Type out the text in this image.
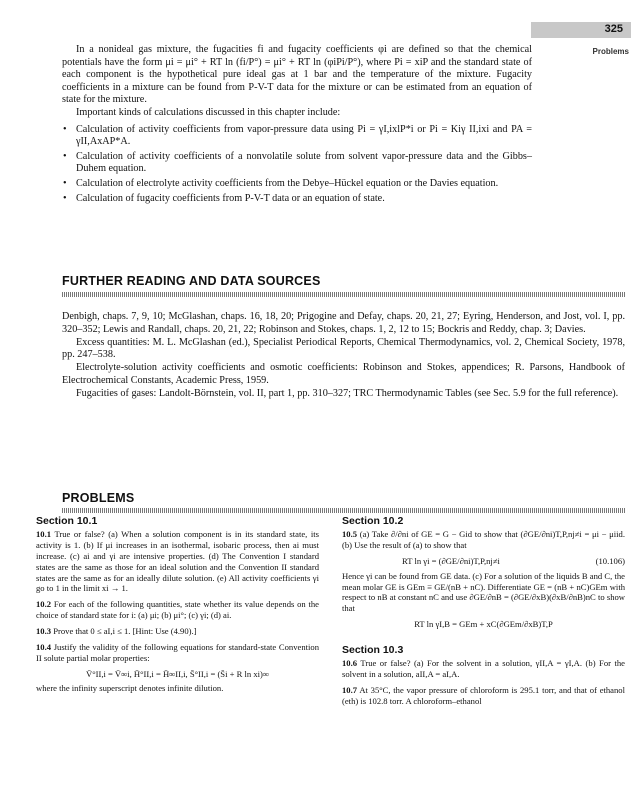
325
Problems

In a nonideal gas mixture, the fugacities fi and fugacity coefficients φi are defined so that the chemical potentials have the form μi = μi° + RT ln (fi/P°) = μi° + RT ln (φiPi/P°), where Pi = xiP and the standard state of each component is the hypothetical pure ideal gas at 1 bar and the temperature of the mixture. Fugacity coefficients in a mixture can be found from P-V-T data for the mixture or can be estimated from an equation of state for the mixture.

Important kinds of calculations discussed in this chapter include:

• Calculation of activity coefficients from vapor-pressure data using Pi = γI,ixlP*i or Pi = Kiγ II,ixi and PA = γII,AxAP*A.
• Calculation of activity coefficients of a nonvolatile solute from solvent vapor-pressure data and the Gibbs–Duhem equation.
• Calculation of electrolyte activity coefficients from the Debye–Hückel equation or the Davies equation.
• Calculation of fugacity coefficients from P-V-T data or an equation of state.
FURTHER READING AND DATA SOURCES

Denbigh, chaps. 7, 9, 10; McGlashan, chaps. 16, 18, 20; Prigogine and Defay, chaps. 20, 21, 27; Eyring, Henderson, and Jost, vol. I, pp. 320–352; Lewis and Randall, chaps. 20, 21, 22; Robinson and Stokes, chaps. 1, 2, 12 to 15; Bockris and Reddy, chap. 3; Davies.

Excess quantities: M. L. McGlashan (ed.), Specialist Periodical Reports, Chemical Thermodynamics, vol. 2, Chemical Society, 1978, pp. 247–538.

Electrolyte-solution activity coefficients and osmotic coefficients: Robinson and Stokes, appendices; R. Parsons, Handbook of Electrochemical Constants, Academic Press, 1959.

Fugacities of gases: Landolt-Börnstein, vol. II, part 1, pp. 310–327; TRC Thermodynamic Tables (see Sec. 5.9 for the full reference).

PROBLEMS
Section 10.1

10.1 True or false? (a) When a solution component is in its standard state, its activity is 1. (b) If μi increases in an isothermal, isobaric process, then ai must increase. (c) ai and γi are intensive properties. (d) The Convention I standard states are the same as those for an ideal solution and the Convention II standard states are the same as for an ideally dilute solution. (e) All activity coefficients γi go to 1 in the limit xi → 1.

10.2 For each of the following quantities, state whether its value depends on the choice of standard state for i: (a) μi; (b) μi°; (c) γi; (d) ai.

10.3 Prove that 0 ≤ aI,i ≤ 1. [Hint: Use (4.90).]

10.4 Justify the validity of the following equations for standard-state Convention II solute partial molar properties:

V̄°II,i = V̄∞i, H̄°II,i = H̄∞II,i, S̄°II,i = (S̄i + R ln xi)∞

where the infinity superscript denotes infinite dilution.

Section 10.2

10.5 (a) Take ∂/∂ni of GE = G − Gid to show that (∂GE/∂ni)T,P,nj≠i = μi − μiid. (b) Use the result of (a) to show that

RT ln γi = (∂GE/∂ni)T,P,nj≠i	(10.106)

Hence γi can be found from GE data. (c) For a solution of the liquids B and C, the mean molar GE is GEm ≡ GE/(nB + nC). Differentiate GE = (nB + nC)GEm with respect to nB at constant nC and use ∂GE/∂nB = (∂GE/∂xB)(∂xB/∂nB)nC to show that

RT ln γI,B = GEm + xC(∂GEm/∂xB)T,P
Section 10.3

10.6 True or false? (a) For the solvent in a solution, γII,A = γI,A. (b) For the solvent in a solution, aII,A = aI,A.

10.7 At 35°C, the vapor pressure of chloroform is 295.1 torr, and that of ethanol (eth) is 102.8 torr. A chloroform–ethanol
